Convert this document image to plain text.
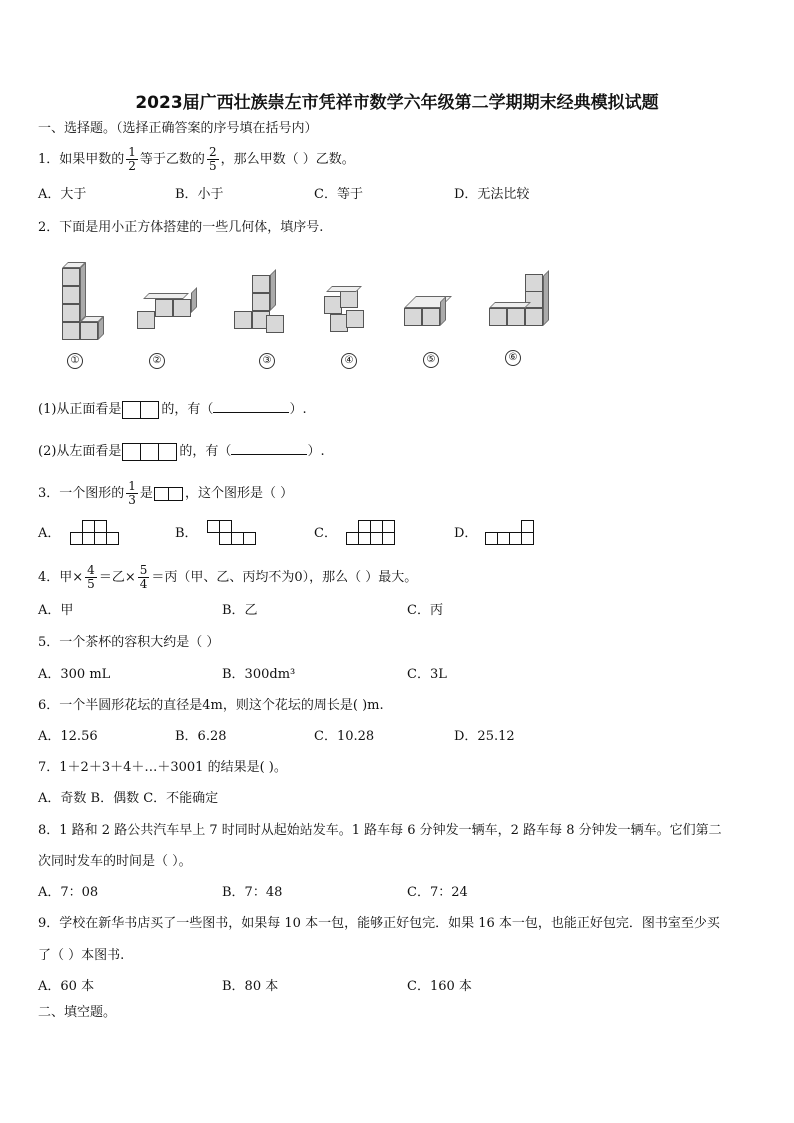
2023届广西壮族崇左市凭祥市数学六年级第二学期期末经典模拟试题
一、选择题。（选择正确答案的序号填在括号内）
1．如果甲数的 $\frac{1}{2}$ 等于乙数的 $\frac{2}{5}$ ，那么甲数（ ）乙数。
A．大于	B．小于	C．等于	D．无法比较
2．下面是用小正方体搭建的一些几何体，填序号.
①	②	③	④	⑤	⑥
(1)从正面看是	的，有（	）.
(2)从左面看是	的，有（	）.
3．一个图形的 $\frac{1}{3}$ 是 ，这个图形是（ ）
A．	B．	C．	D．
4．甲× $\frac{4}{5}$ ＝乙× $\frac{5}{4}$ ＝丙（甲、乙、丙均不为0），那么（ ）最大。
A．甲	B．乙	C．丙
5．一个茶杯的容积大约是（ ）
A．300 mL	B．300dm³	C．3L
6．一个半圆形花坛的直径是4m，则这个花坛的周长是( )m.
A．12.56	B．6.28	C．10.28	D．25.12
7．1＋2＋3＋4＋…＋3001 的结果是( )。
A．奇数 B．偶数 C．不能确定
8．1 路和 2 路公共汽车早上 7 时同时从起始站发车。1 路车每 6 分钟发一辆车，2 路车每 8 分钟发一辆车。它们第二
次同时发车的时间是（ ）。
A．7：08	B．7：48	C．7：24
9．学校在新华书店买了一些图书，如果每 10 本一包，能够正好包完．如果 16 本一包，也能正好包完．图书室至少买
了（ ）本图书.
A．60 本	B．80 本	C．160 本
二、填空题。
